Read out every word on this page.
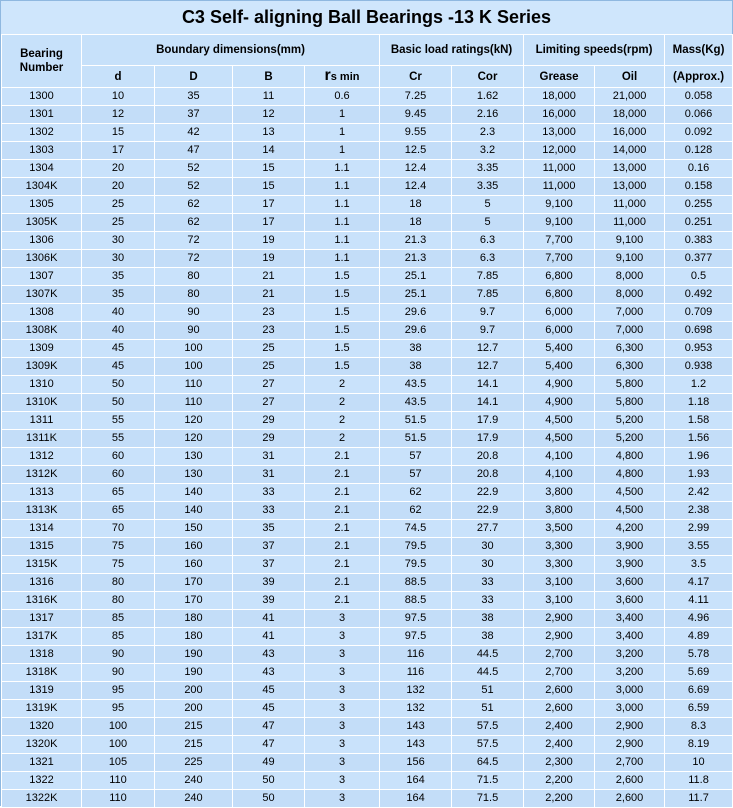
C3 Self- aligning Ball Bearings -13 K Series
Bearing Number	Boundary dimensions(mm)				Basic load ratings(kN)		Limiting speeds(rpm)		Mass(Kg)
	d	D	B	rs min	Cr	Cor	Grease	Oil	(Approx.)
1300	10	35	11	0.6	7.25	1.62	18,000	21,000	0.058
1301	12	37	12	1	9.45	2.16	16,000	18,000	0.066
1302	15	42	13	1	9.55	2.3	13,000	16,000	0.092
1303	17	47	14	1	12.5	3.2	12,000	14,000	0.128
1304	20	52	15	1.1	12.4	3.35	11,000	13,000	0.16
1304K	20	52	15	1.1	12.4	3.35	11,000	13,000	0.158
1305	25	62	17	1.1	18	5	9,100	11,000	0.255
1305K	25	62	17	1.1	18	5	9,100	11,000	0.251
1306	30	72	19	1.1	21.3	6.3	7,700	9,100	0.383
1306K	30	72	19	1.1	21.3	6.3	7,700	9,100	0.377
1307	35	80	21	1.5	25.1	7.85	6,800	8,000	0.5
1307K	35	80	21	1.5	25.1	7.85	6,800	8,000	0.492
1308	40	90	23	1.5	29.6	9.7	6,000	7,000	0.709
1308K	40	90	23	1.5	29.6	9.7	6,000	7,000	0.698
1309	45	100	25	1.5	38	12.7	5,400	6,300	0.953
1309K	45	100	25	1.5	38	12.7	5,400	6,300	0.938
1310	50	110	27	2	43.5	14.1	4,900	5,800	1.2
1310K	50	110	27	2	43.5	14.1	4,900	5,800	1.18
1311	55	120	29	2	51.5	17.9	4,500	5,200	1.58
1311K	55	120	29	2	51.5	17.9	4,500	5,200	1.56
1312	60	130	31	2.1	57	20.8	4,100	4,800	1.96
1312K	60	130	31	2.1	57	20.8	4,100	4,800	1.93
1313	65	140	33	2.1	62	22.9	3,800	4,500	2.42
1313K	65	140	33	2.1	62	22.9	3,800	4,500	2.38
1314	70	150	35	2.1	74.5	27.7	3,500	4,200	2.99
1315	75	160	37	2.1	79.5	30	3,300	3,900	3.55
1315K	75	160	37	2.1	79.5	30	3,300	3,900	3.5
1316	80	170	39	2.1	88.5	33	3,100	3,600	4.17
1316K	80	170	39	2.1	88.5	33	3,100	3,600	4.11
1317	85	180	41	3	97.5	38	2,900	3,400	4.96
1317K	85	180	41	3	97.5	38	2,900	3,400	4.89
1318	90	190	43	3	116	44.5	2,700	3,200	5.78
1318K	90	190	43	3	116	44.5	2,700	3,200	5.69
1319	95	200	45	3	132	51	2,600	3,000	6.69
1319K	95	200	45	3	132	51	2,600	3,000	6.59
1320	100	215	47	3	143	57.5	2,400	2,900	8.3
1320K	100	215	47	3	143	57.5	2,400	2,900	8.19
1321	105	225	49	3	156	64.5	2,300	2,700	10
1322	110	240	50	3	164	71.5	2,200	2,600	11.8
1322K	110	240	50	3	164	71.5	2,200	2,600	11.7
